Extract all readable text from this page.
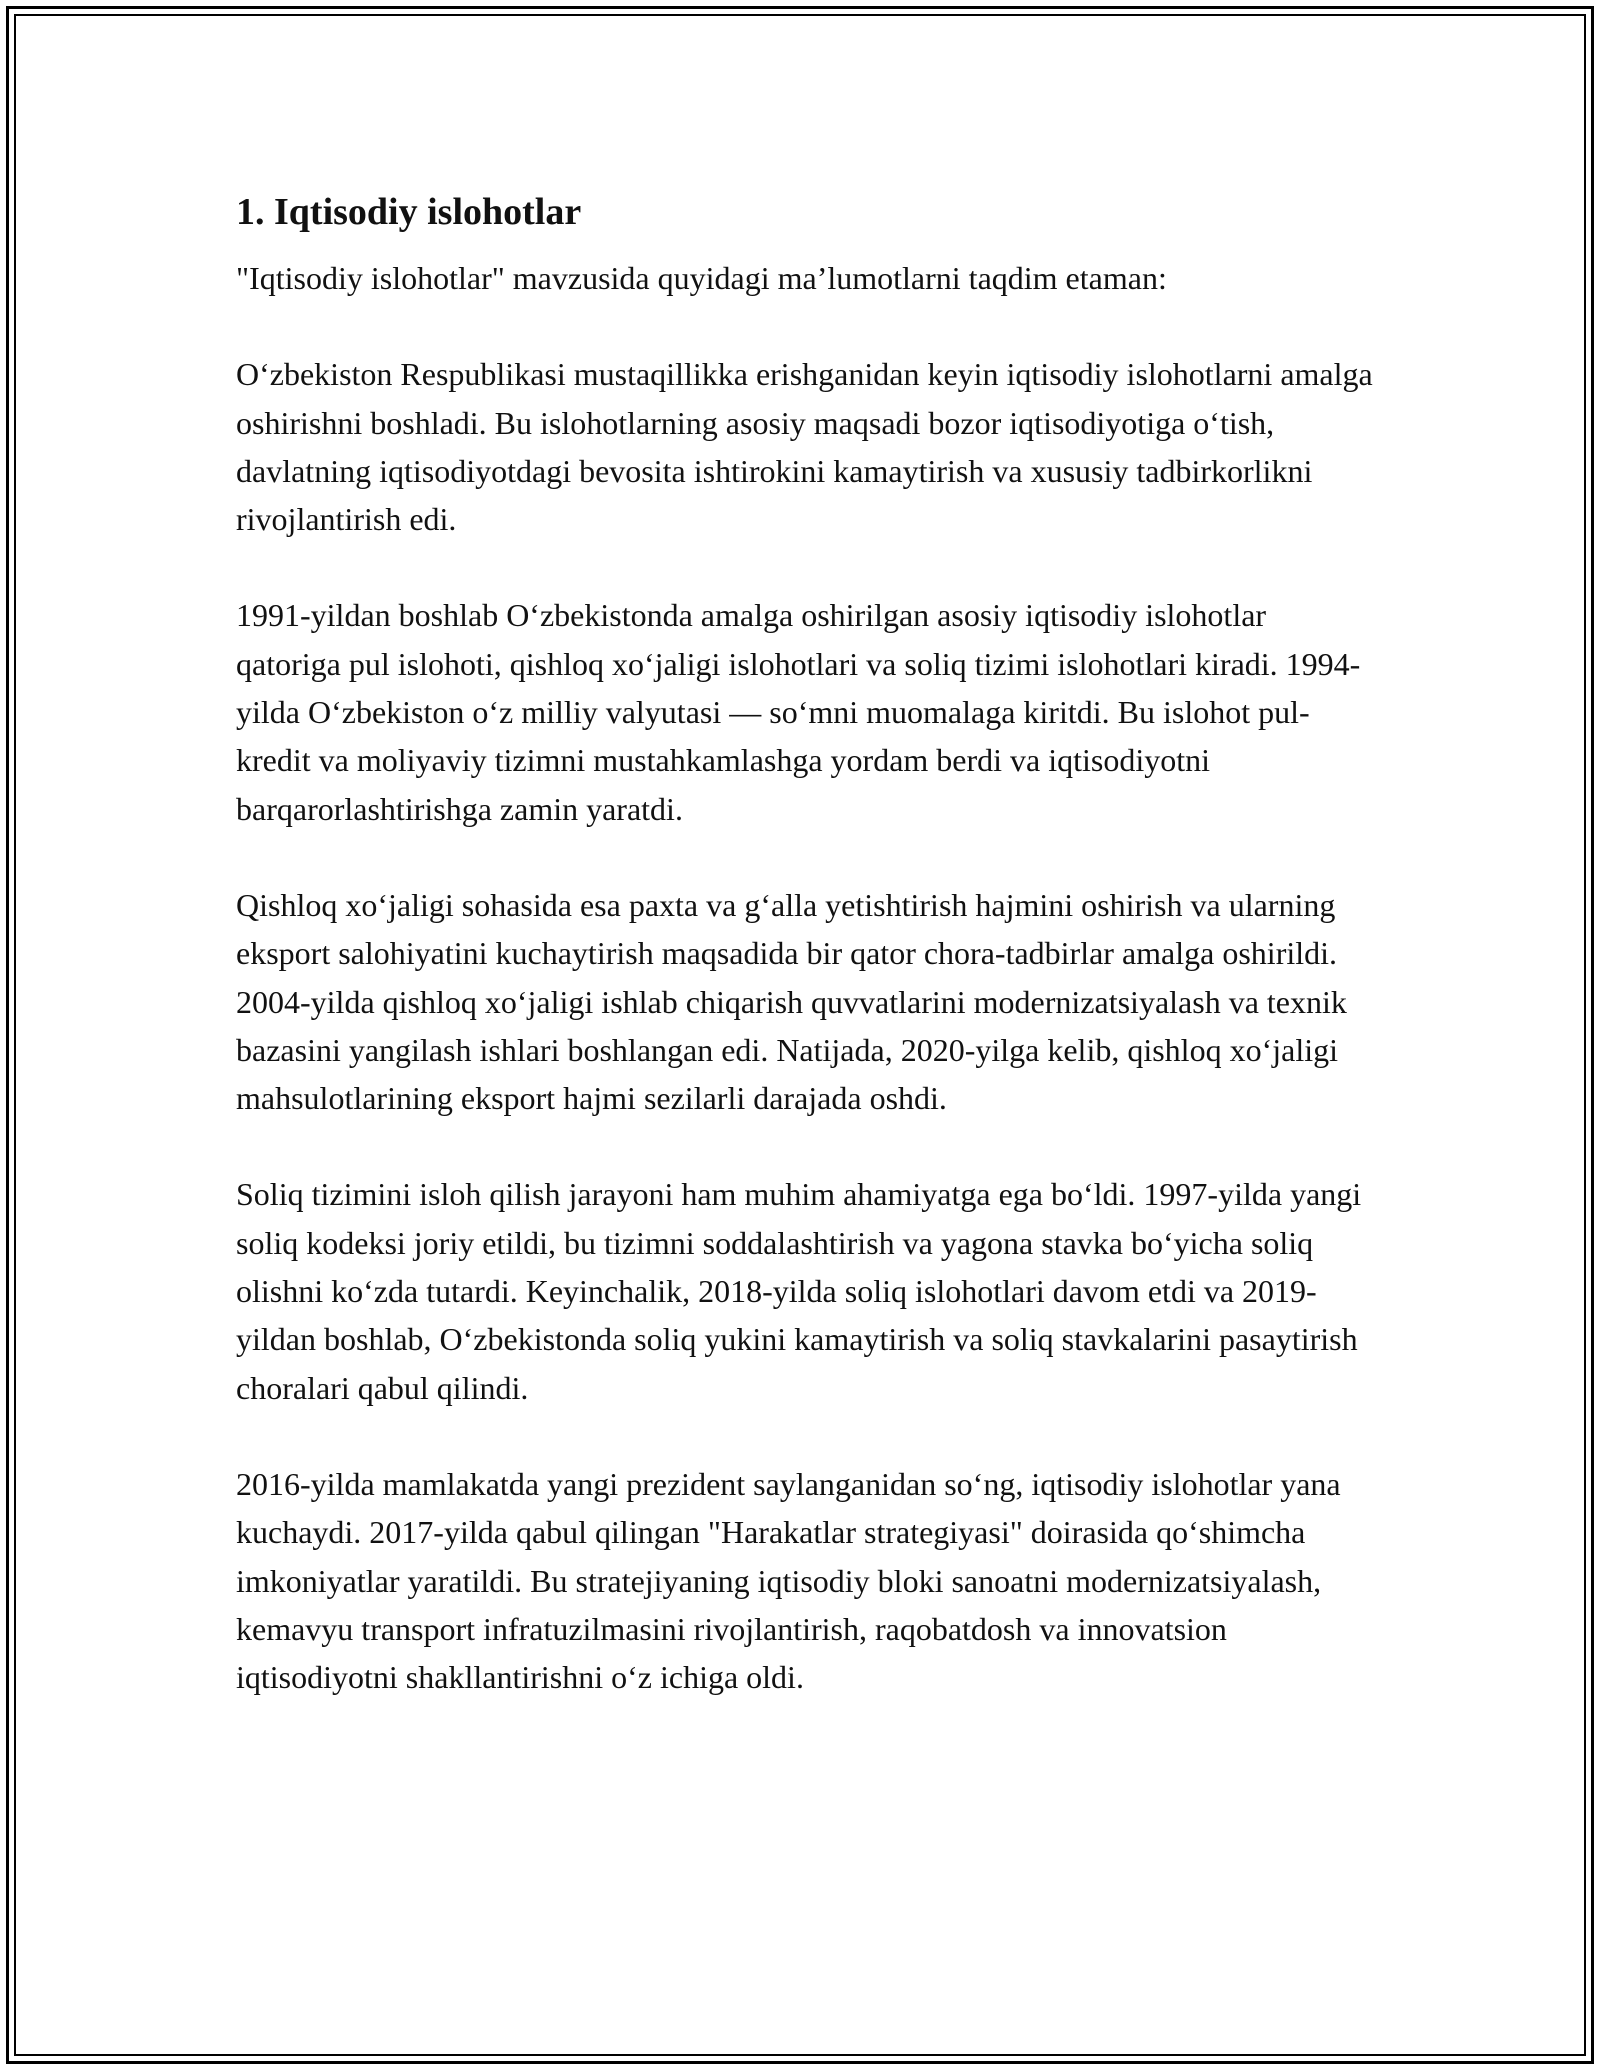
1. Iqtisodiy islohotlar

"Iqtisodiy islohotlar" mavzusida quyidagi ma’lumotlarni taqdim etaman:

O‘zbekiston Respublikasi mustaqillikka erishganidan keyin iqtisodiy islohotlarni amalga oshirishni boshladi. Bu islohotlarning asosiy maqsadi bozor iqtisodiyotiga o‘tish, davlatning iqtisodiyotdagi bevosita ishtirokini kamaytirish va xususiy tadbirkorlikni rivojlantirish edi.

1991-yildan boshlab O‘zbekistonda amalga oshirilgan asosiy iqtisodiy islohotlar qatoriga pul islohoti, qishloq xo‘jaligi islohotlari va soliq tizimi islohotlari kiradi. 1994-yilda O‘zbekiston o‘z milliy valyutasi — so‘mni muomalaga kiritdi. Bu islohot pul-kredit va moliyaviy tizimni mustahkamlashga yordam berdi va iqtisodiyotni barqarorlashtirishga zamin yaratdi.

Qishloq xo‘jaligi sohasida esa paxta va g‘alla yetishtirish hajmini oshirish va ularning eksport salohiyatini kuchaytirish maqsadida bir qator chora-tadbirlar amalga oshirildi. 2004-yilda qishloq xo‘jaligi ishlab chiqarish quvvatlarini modernizatsiyalash va texnik bazasini yangilash ishlari boshlangan edi. Natijada, 2020-yilga kelib, qishloq xo‘jaligi mahsulotlarining eksport hajmi sezilarli darajada oshdi.

Soliq tizimini isloh qilish jarayoni ham muhim ahamiyatga ega bo‘ldi. 1997-yilda yangi soliq kodeksi joriy etildi, bu tizimni soddalashtirish va yagona stavka bo‘yicha soliq olishni ko‘zda tutardi. Keyinchalik, 2018-yilda soliq islohotlari davom etdi va 2019-yildan boshlab, O‘zbekistonda soliq yukini kamaytirish va soliq stavkalarini pasaytirish choralari qabul qilindi.

2016-yilda mamlakatda yangi prezident saylanganidan so‘ng, iqtisodiy islohotlar yana kuchaydi. 2017-yilda qabul qilingan "Harakatlar strategiyasi" doirasida qo‘shimcha imkoniyatlar yaratildi. Bu stratejiyaning iqtisodiy bloki sanoatni modernizatsiyalash, kemavyu transport infratuzilmasini rivojlantirish, raqobatdosh va innovatsion iqtisodiyotni shakllantirishni o‘z ichiga oldi.
